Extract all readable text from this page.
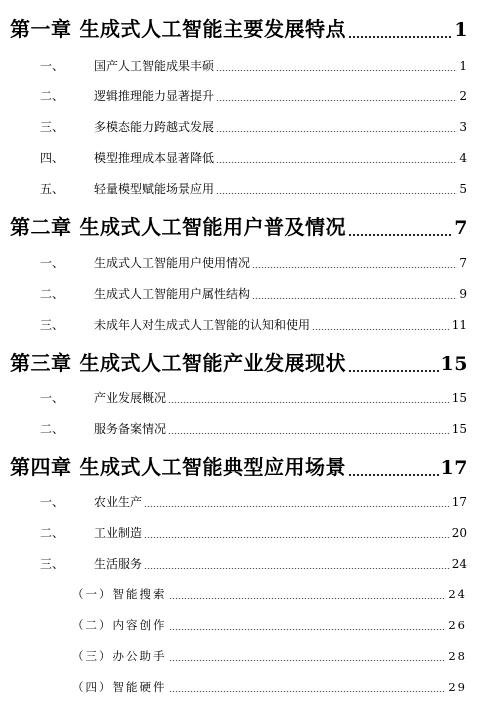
第一章 生成式人工智能主要发展特点	1
一、 国产人工智能成果丰硕	1
二、 逻辑推理能力显著提升	2
三、 多模态能力跨越式发展	3
四、 模型推理成本显著降低	4
五、 轻量模型赋能场景应用	5
第二章 生成式人工智能用户普及情况	7
一、 生成式人工智能用户使用情况	7
二、 生成式人工智能用户属性结构	9
三、 未成年人对生成式人工智能的认知和使用	11
第三章 生成式人工智能产业发展现状	15
一、 产业发展概况	15
二、 服务备案情况	15
第四章 生成式人工智能典型应用场景	17
一、 农业生产	17
二、 工业制造	20
三、 生活服务	24
（一）智能搜索	24
（二）内容创作	26
（三）办公助手	28
（四）智能硬件	29
